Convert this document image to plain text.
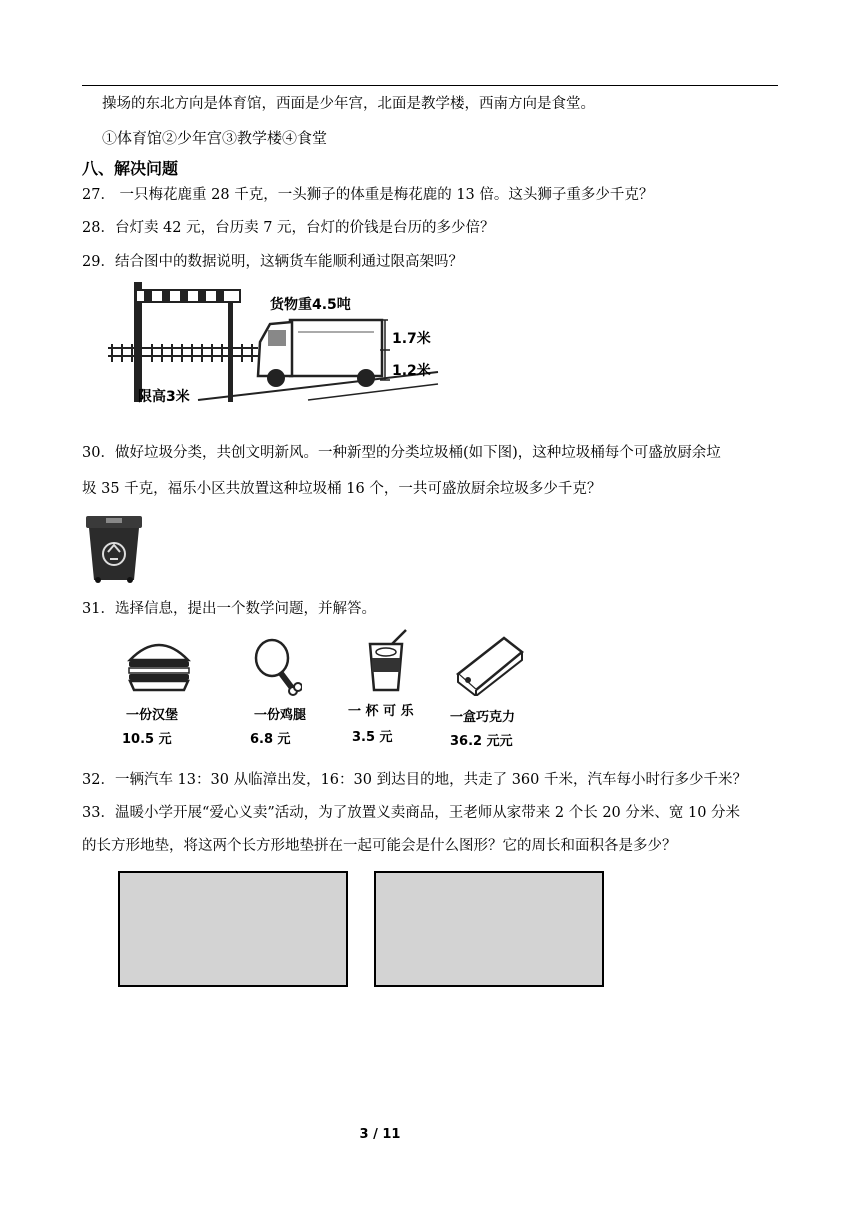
操场的东北方向是体育馆，西面是少年宫，北面是教学楼，西南方向是食堂。
①体育馆②少年宫③教学楼④食堂
八、解决问题
27． 一只梅花鹿重 28 千克，一头狮子的体重是梅花鹿的 13 倍。这头狮子重多少千克？
28．台灯卖 42 元，台历卖 7 元，台灯的价钱是台历的多少倍？
29．结合图中的数据说明，这辆货车能顺利通过限高架吗？
货物重4.5吨
1.7米
1.2米
限高3米
30．做好垃圾分类，共创文明新风。一种新型的分类垃圾桶(如下图)，这种垃圾桶每个可盛放厨余垃
圾 35 千克，福乐小区共放置这种垃圾桶 16 个，一共可盛放厨余垃圾多少千克？
31．选择信息，提出一个数学问题，并解答。
一份汉堡
10.5 元
一份鸡腿
6.8 元
一 杯 可 乐
3.5 元
一盒巧克力
36.2 元元
32．一辆汽车 13：30 从临漳出发，16：30 到达目的地，共走了 360 千米，汽车每小时行多少千米？
33．温暖小学开展“爱心义卖”活动，为了放置义卖商品，王老师从家带来 2 个长 20 分米、宽 10 分米
的长方形地垫，将这两个长方形地垫拼在一起可能会是什么图形？它的周长和面积各是多少？
3 / 11
